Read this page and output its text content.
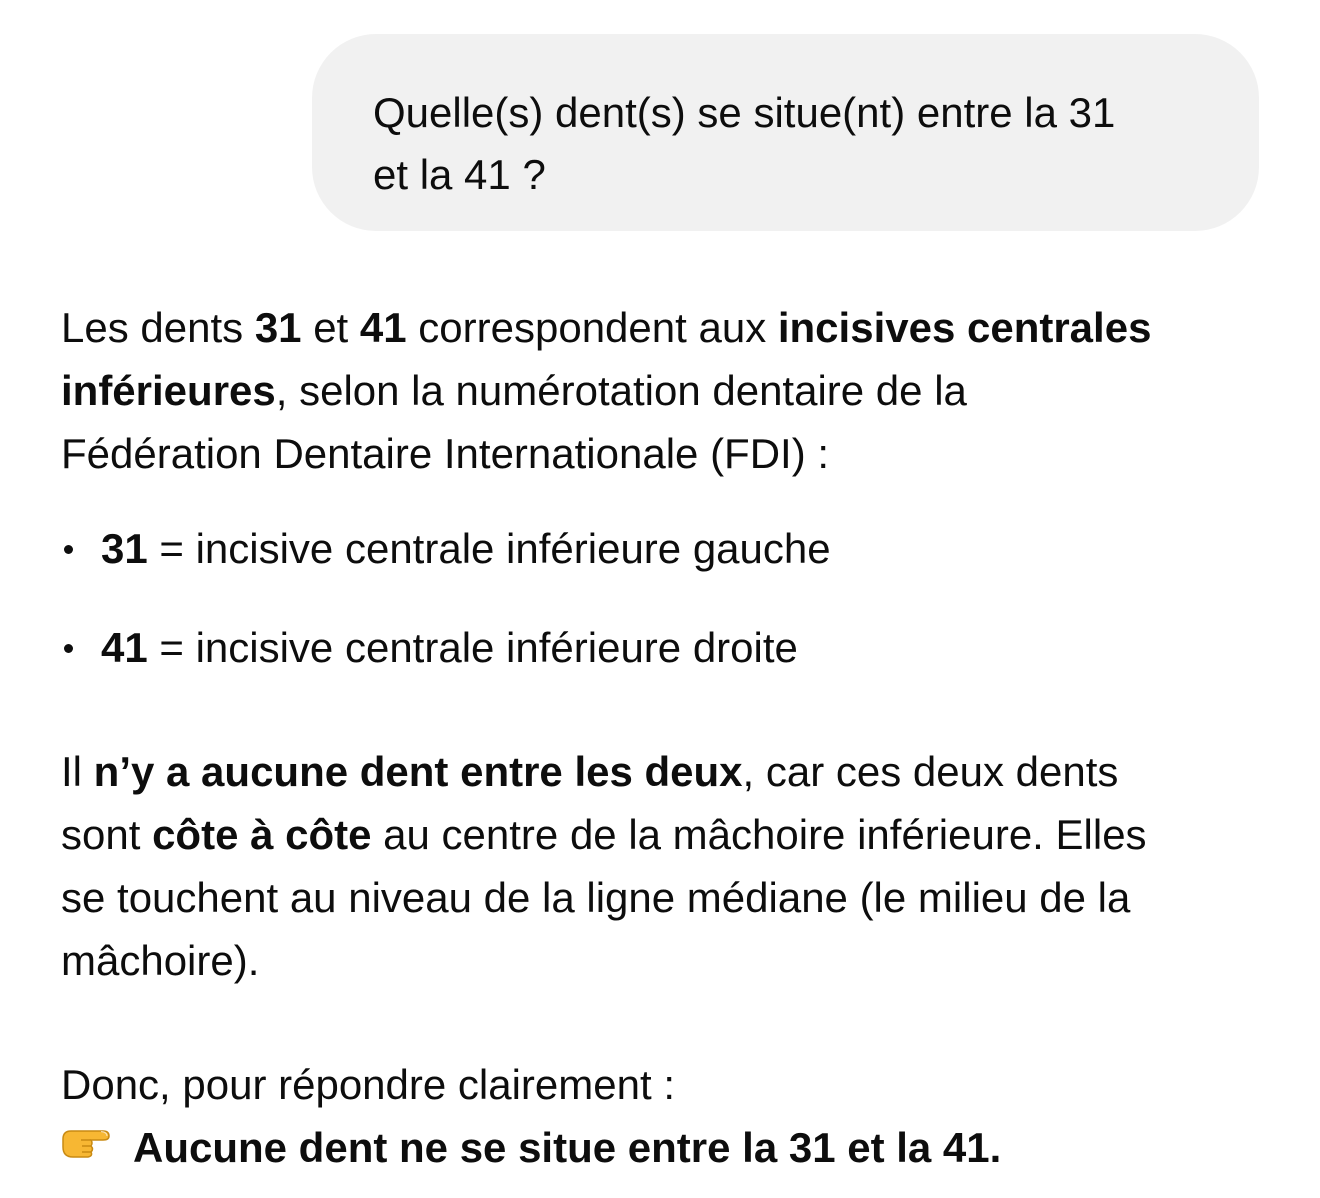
Quelle(s) dent(s) se situe(nt) entre la 31
et la 41 ?

Les dents 31 et 41 correspondent aux incisives centrales
inférieures, selon la numérotation dentaire de la
Fédération Dentaire Internationale (FDI) :

31 = incisive centrale inférieure gauche
41 = incisive centrale inférieure droite

Il n’y a aucune dent entre les deux, car ces deux dents
sont côte à côte au centre de la mâchoire inférieure. Elles
se touchent au niveau de la ligne médiane (le milieu de la
mâchoire).

Donc, pour répondre clairement :
Aucune dent ne se situe entre la 31 et la 41.
